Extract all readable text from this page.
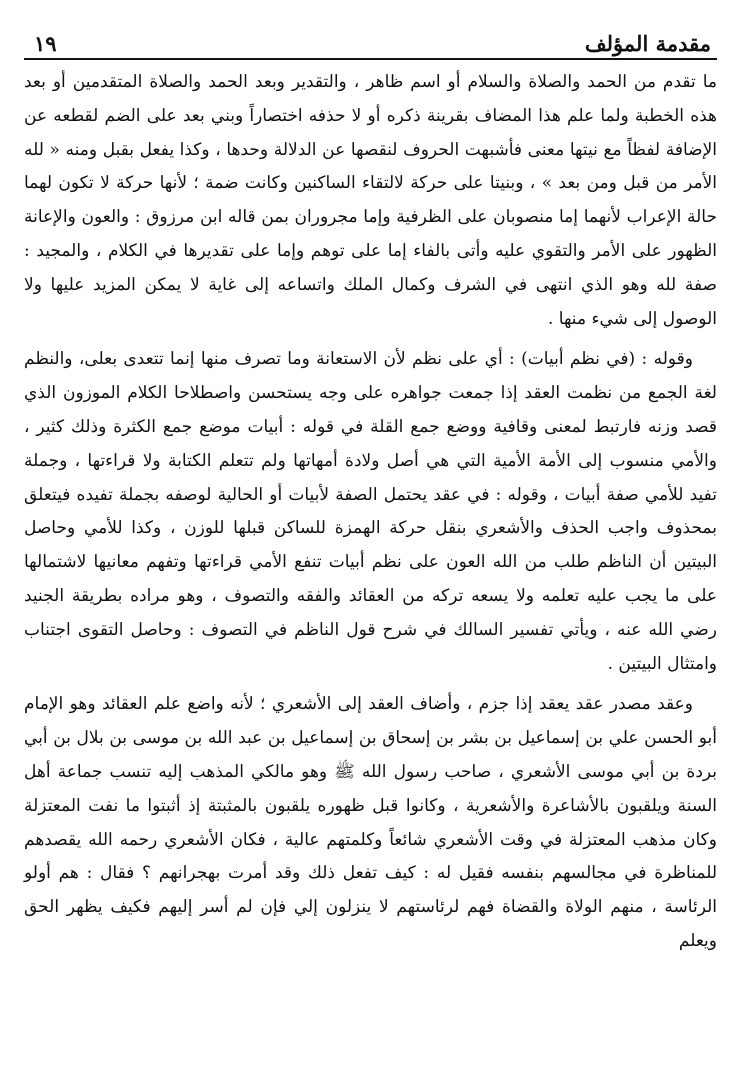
مقدمة المؤلف
١٩

ما تقدم من الحمد والصلاة والسلام أو اسم ظاهر ، والتقدير وبعد الحمد والصلاة المتقدمين أو بعد هذه الخطبة ولما علم هذا المضاف بقرينة ذكره أو لا حذفه اختصاراً وبني بعد على الضم لقطعه عن الإضافة لفظاً مع نيتها معنى فأشبهت الحروف لنقصها عن الدلالة وحدها ، وكذا يفعل بقبل ومنه « لله الأمر من قبل ومن بعد » ، وبنيتا على حركة لالتقاء الساكنين وكانت ضمة ؛ لأنها حركة لا تكون لهما حالة الإعراب لأنهما إما منصوبان على الظرفية وإما مجروران بمن قاله ابن مرزوق : والعون والإعانة الظهور على الأمر والتقوي عليه وأتى بالفاء إما على توهم وإما على تقديرها في الكلام ، والمجيد : صفة لله وهو الذي انتهى في الشرف وكمال الملك واتساعه إلى غاية لا يمكن المزيد عليها ولا الوصول إلى شيء منها .

وقوله : (في نظم أبيات) : أي على نظم لأن الاستعانة وما تصرف منها إنما تتعدى بعلى، والنظم لغة الجمع من نظمت العقد إذا جمعت جواهره على وجه يستحسن واصطلاحا الكلام الموزون الذي قصد وزنه فارتبط لمعنى وقافية ووضع جمع القلة في قوله : أبيات موضع جمع الكثرة وذلك كثير ، والأمي منسوب إلى الأمة الأمية التي هي أصل ولادة أمهاتها ولم تتعلم الكتابة ولا قراءتها ، وجملة تفيد للأمي صفة أبيات ، وقوله : في عقد يحتمل الصفة لأبيات أو الحالية لوصفه بجملة تفيده فيتعلق بمحذوف واجب الحذف والأشعري بنقل حركة الهمزة للساكن قبلها للوزن ، وكذا للأمي وحاصل البيتين أن الناظم طلب من الله العون على نظم أبيات تنفع الأمي قراءتها وتفهم معانيها لاشتمالها على ما يجب عليه تعلمه ولا يسعه تركه من العقائد والفقه والتصوف ، وهو مراده بطريقة الجنيد رضي الله عنه ، ويأتي تفسير السالك في شرح قول الناظم في التصوف : وحاصل التقوى اجتناب وامتثال البيتين .

وعقد مصدر عقد يعقد إذا جزم ، وأضاف العقد إلى الأشعري ؛ لأنه واضع علم العقائد وهو الإمام أبو الحسن علي بن إسماعيل بن بشر بن إسحاق بن إسماعيل بن عبد الله بن موسى بن بلال بن أبي بردة بن أبي موسى الأشعري ، صاحب رسول الله ﷺ وهو مالكي المذهب إليه تنسب جماعة أهل السنة ويلقبون بالأشاعرة والأشعرية ، وكانوا قبل ظهوره يلقبون بالمثبتة إذ أثبتوا ما نفت المعتزلة وكان مذهب المعتزلة في وقت الأشعري شائعاً وكلمتهم عالية ، فكان الأشعري رحمه الله يقصدهم للمناظرة في مجالسهم بنفسه فقيل له : كيف تفعل ذلك وقد أمرت بهجرانهم ؟ فقال : هم أولو الرئاسة ، منهم الولاة والقضاة فهم لرئاستهم لا ينزلون إلي فإن لم أسر إليهم فكيف يظهر الحق ويعلم
